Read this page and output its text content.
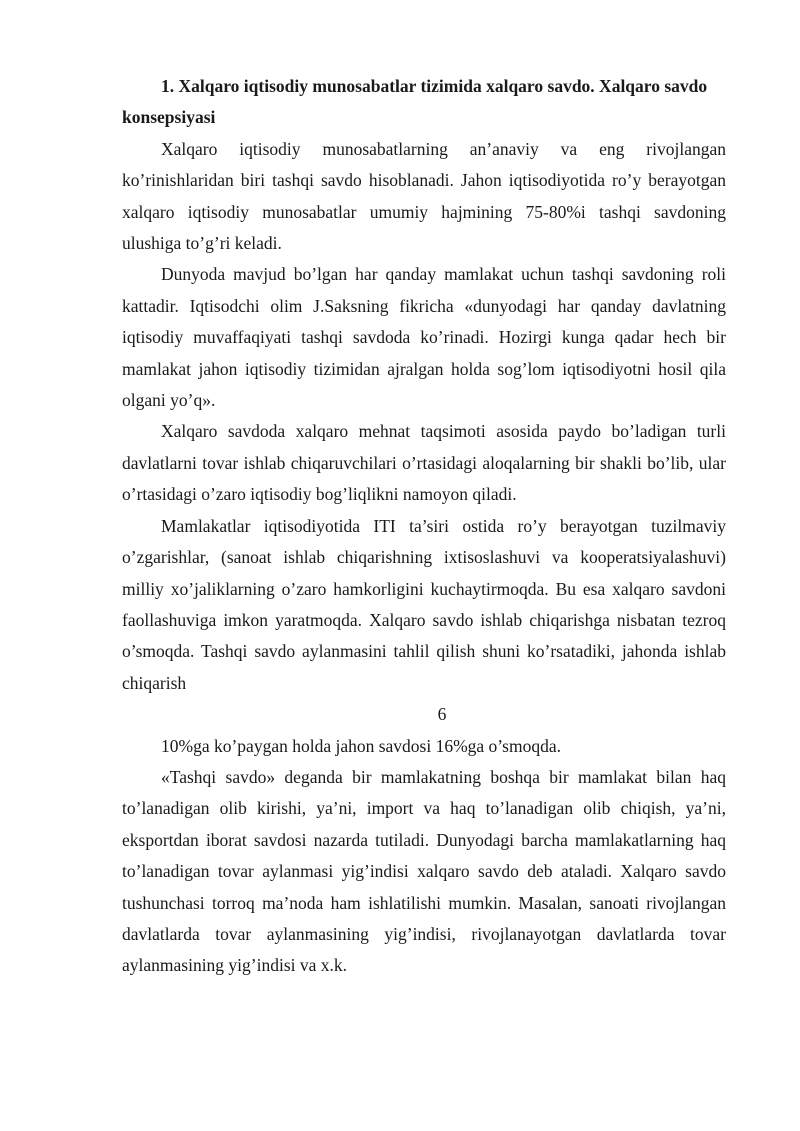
1. Xalqaro iqtisodiy munosabatlar tizimida xalqaro savdo. Xalqaro savdo konsepsiyasi

Xalqaro iqtisodiy munosabatlarning an’anaviy va eng rivojlangan ko’rinishlaridan biri tashqi savdo hisoblanadi. Jahon iqtisodiyotida ro’y berayotgan xalqaro iqtisodiy munosabatlar umumiy hajmining 75-80%i tashqi savdoning ulushiga to’g’ri keladi.

Dunyoda mavjud bo’lgan har qanday mamlakat uchun tashqi savdoning roli kattadir. Iqtisodchi olim J.Saksning fikricha «dunyodagi har qanday davlatning iqtisodiy muvaffaqiyati tashqi savdoda ko’rinadi. Hozirgi kunga qadar hech bir mamlakat jahon iqtisodiy tizimidan ajralgan holda sog’lom iqtisodiyotni hosil qila olgani yo’q».

Xalqaro savdoda xalqaro mehnat taqsimoti asosida paydo bo’ladigan turli davlatlarni tovar ishlab chiqaruvchilari o’rtasidagi aloqalarning bir shakli bo’lib, ular o’rtasidagi o’zaro iqtisodiy bog’liqlikni namoyon qiladi.

Mamlakatlar iqtisodiyotida ITI ta’siri ostida ro’y berayotgan tuzilmaviy o’zgarishlar, (sanoat ishlab chiqarishning ixtisoslashuvi va kooperatsiyalashuvi) milliy xo’jaliklarning o’zaro hamkorligini kuchaytirmoqda. Bu esa xalqaro savdoni faollashuviga imkon yaratmoqda. Xalqaro savdo ishlab chiqarishga nisbatan tezroq o’smoqda. Tashqi savdo aylanmasini tahlil qilish shuni ko’rsatadiki, jahonda ishlab chiqarish

6

10%ga ko’paygan holda jahon savdosi 16%ga o’smoqda.

«Tashqi savdo» deganda bir mamlakatning boshqa bir mamlakat bilan haq to’lanadigan olib kirishi, ya’ni, import va haq to’lanadigan olib chiqish, ya’ni, eksportdan iborat savdosi nazarda tutiladi. Dunyodagi barcha mamlakatlarning haq to’lanadigan tovar aylanmasi yig’indisi xalqaro savdo deb ataladi. Xalqaro savdo tushunchasi torroq ma’noda ham ishlatilishi mumkin. Masalan, sanoati rivojlangan davlatlarda tovar aylanmasining yig’indisi, rivojlanayotgan davlatlarda tovar aylanmasining yig’indisi va x.k.
